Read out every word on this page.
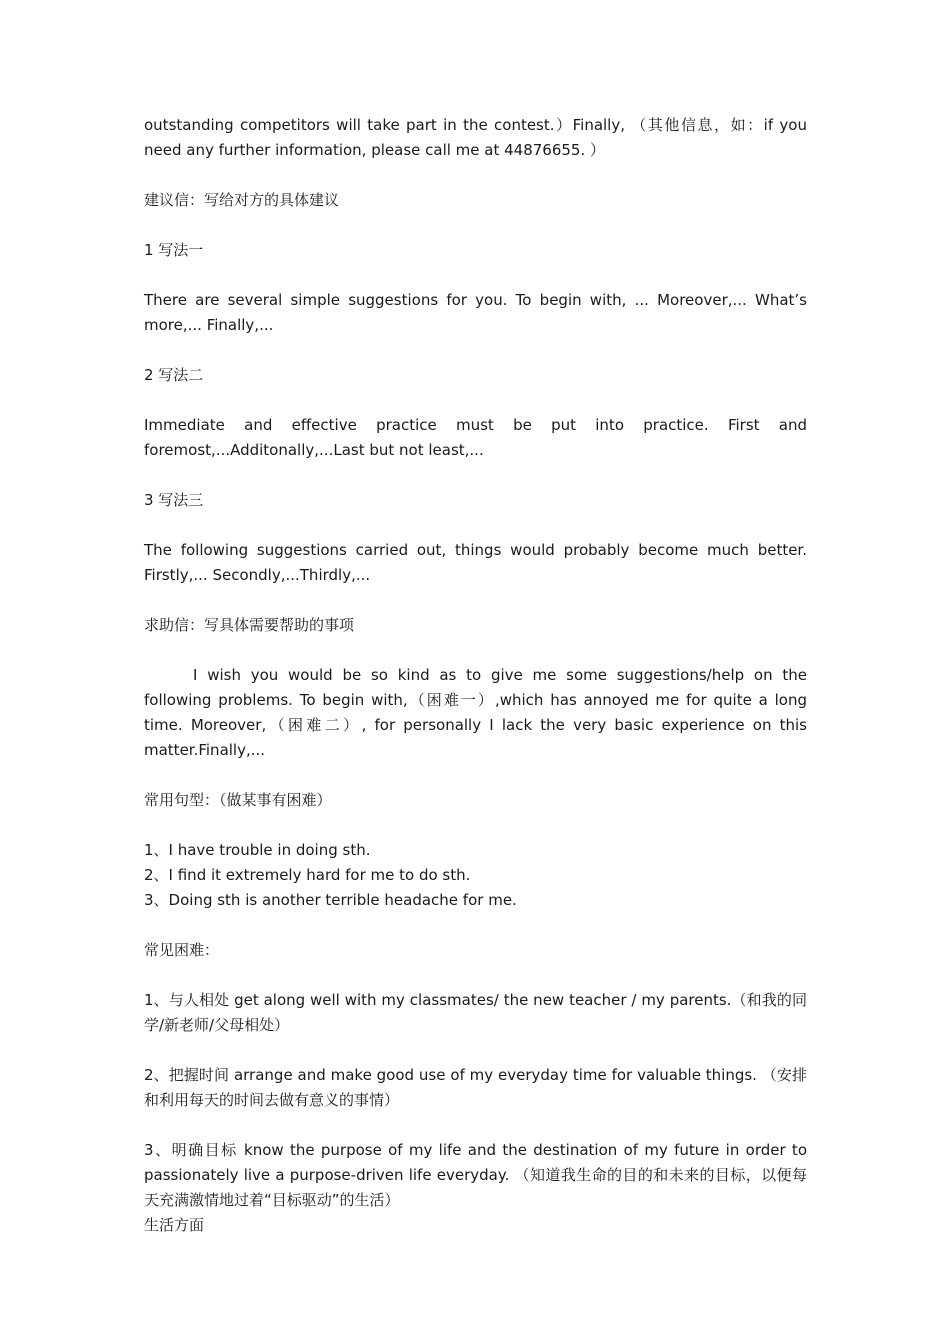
outstanding competitors will take part in the contest.）Finally, （其他信息，如：if you need any further information, please call me at 44876655. ）

建议信：写给对方的具体建议

1 写法一

There are several simple suggestions for you. To begin with, ... Moreover,... What’s more,... Finally,...

2 写法二

Immediate and effective practice must be put into practice. First and
foremost,...Additonally,...Last but not least,...

3 写法三

The following suggestions carried out, things would probably become much better. Firstly,... Secondly,...Thirdly,...

求助信：写具体需要帮助的事项

I wish you would be so kind as to give me some suggestions/help on the following problems. To begin with,（困难一）,which has annoyed me for quite a long time. Moreover,（困难二）, for personally I lack the very basic experience on this matter.Finally,...

常用句型：（做某事有困难）

1、I have trouble in doing sth.

2、I find it extremely hard for me to do sth.

3、Doing sth is another terrible headache for me.

常见困难：

1、与人相处 get along well with my classmates/ the new teacher / my parents.（和我的同学/新老师/父母相处）

2、把握时间 arrange and make good use of my everyday time for valuable things. （安排和利用每天的时间去做有意义的事情）

3、明确目标 know the purpose of my life and the destination of my future in order to passionately live a purpose-driven life everyday. （知道我生命的目的和未来的目标，以便每天充满激情地过着“目标驱动”的生活）

生活方面
